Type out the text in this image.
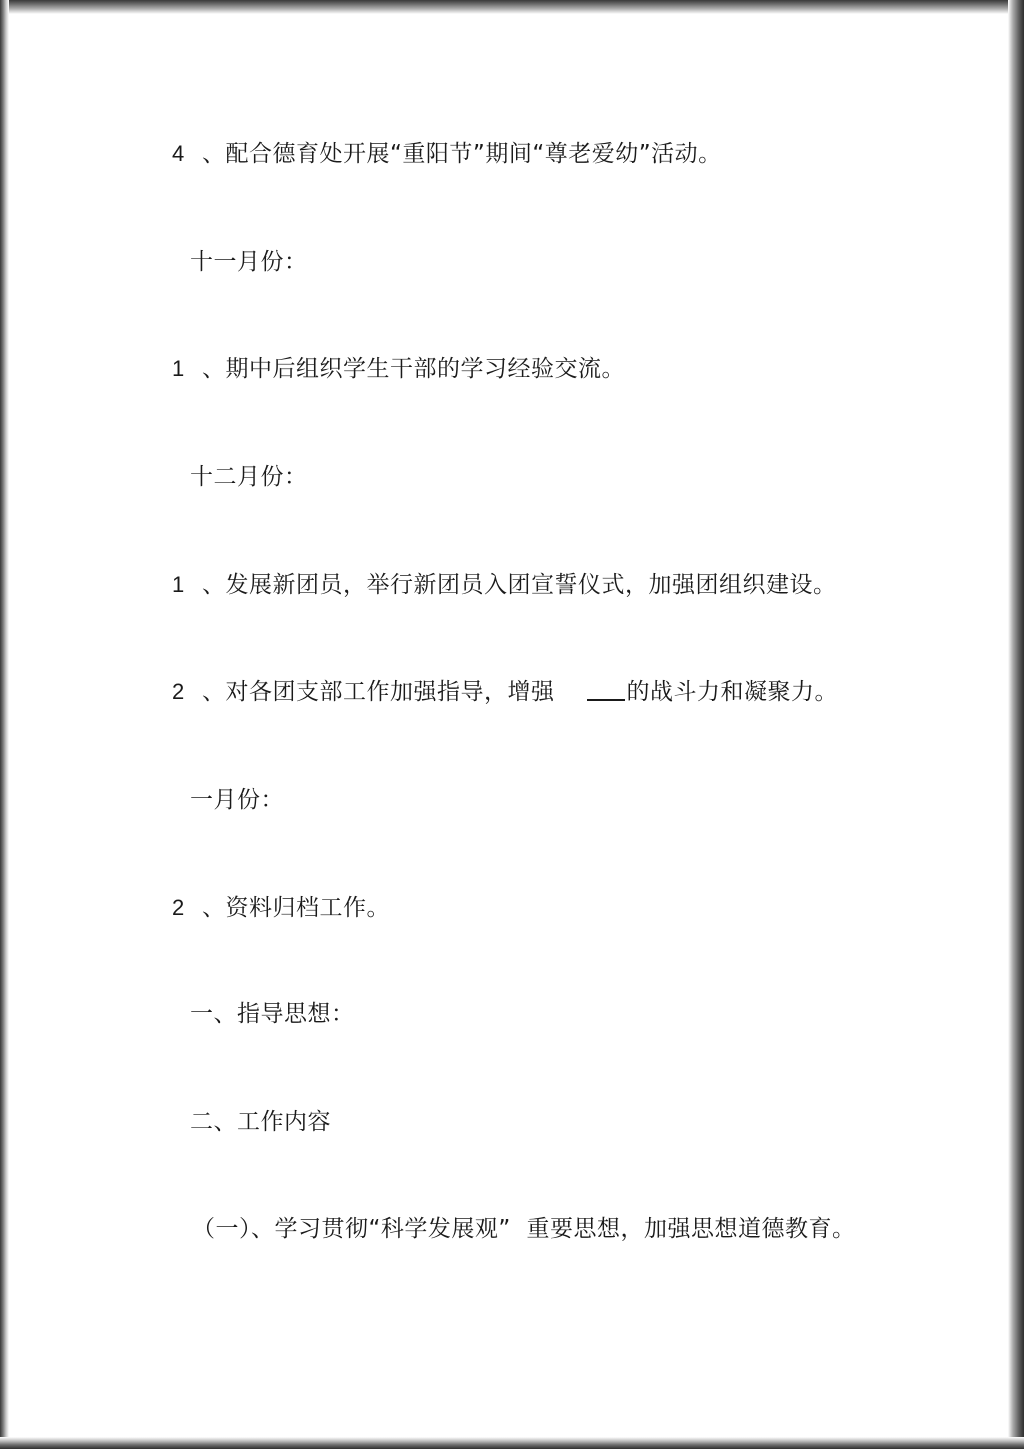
4 、配合德育处开展“重阳节”期间“尊老爱幼”活动。
十一月份：
1 、期中后组织学生干部的学习经验交流。
十二月份：
1 、发展新团员，举行新团员入团宣誓仪式，加强团组织建设。
2 、对各团支部工作加强指导，增强	的战斗力和凝聚力。
一月份：
2 、资料归档工作。
一、指导思想：
二、工作内容
（一）、学习贯彻“科学发展观”  重要思想，加强思想道德教育。
